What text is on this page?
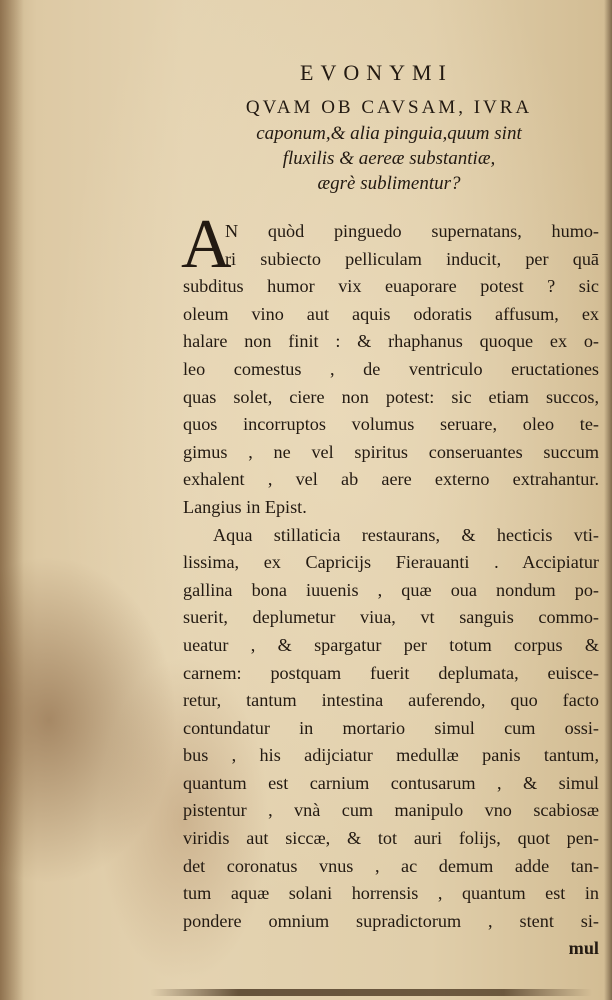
EVONYMI
QVAM OB CAVSAM, IVRA
caponum,& alia pinguia,quum sint
fluxilis & aereæ substantiæ,
ægrè sublimentur?
A
N quòd pinguedo supernatans, humo-
ri subiecto pelliculam inducit, per quā
subditus humor vix euaporare potest ? sic
oleum vino aut aquis odoratis affusum, ex
halare non finit : & rhaphanus quoque ex o-
leo comestus , de ventriculo eructationes
quas solet, ciere non potest: sic etiam succos,
quos incorruptos volumus seruare, oleo te-
gimus , ne vel spiritus conseruantes succum
exhalent , vel ab aere externo extrahantur.
Langius in Epist.
Aqua stillaticia restaurans, & hecticis vti-
lissima, ex Capricijs Fierauanti . Accipiatur
gallina bona iuuenis , quæ oua nondum po-
suerit, deplumetur viua, vt sanguis commo-
ueatur , & spargatur per totum corpus &
carnem: postquam fuerit deplumata, euisce-
retur, tantum intestina auferendo, quo facto
contundatur in mortario simul cum ossi-
bus , his adijciatur medullæ panis tantum,
quantum est carnium contusarum , & simul
pistentur , vnà cum manipulo vno scabiosæ
viridis aut siccæ, & tot auri folijs, quot pen-
det coronatus vnus , ac demum adde tan-
tum aquæ solani horrensis , quantum est in
pondere omnium supradictorum , stent si-
mul
